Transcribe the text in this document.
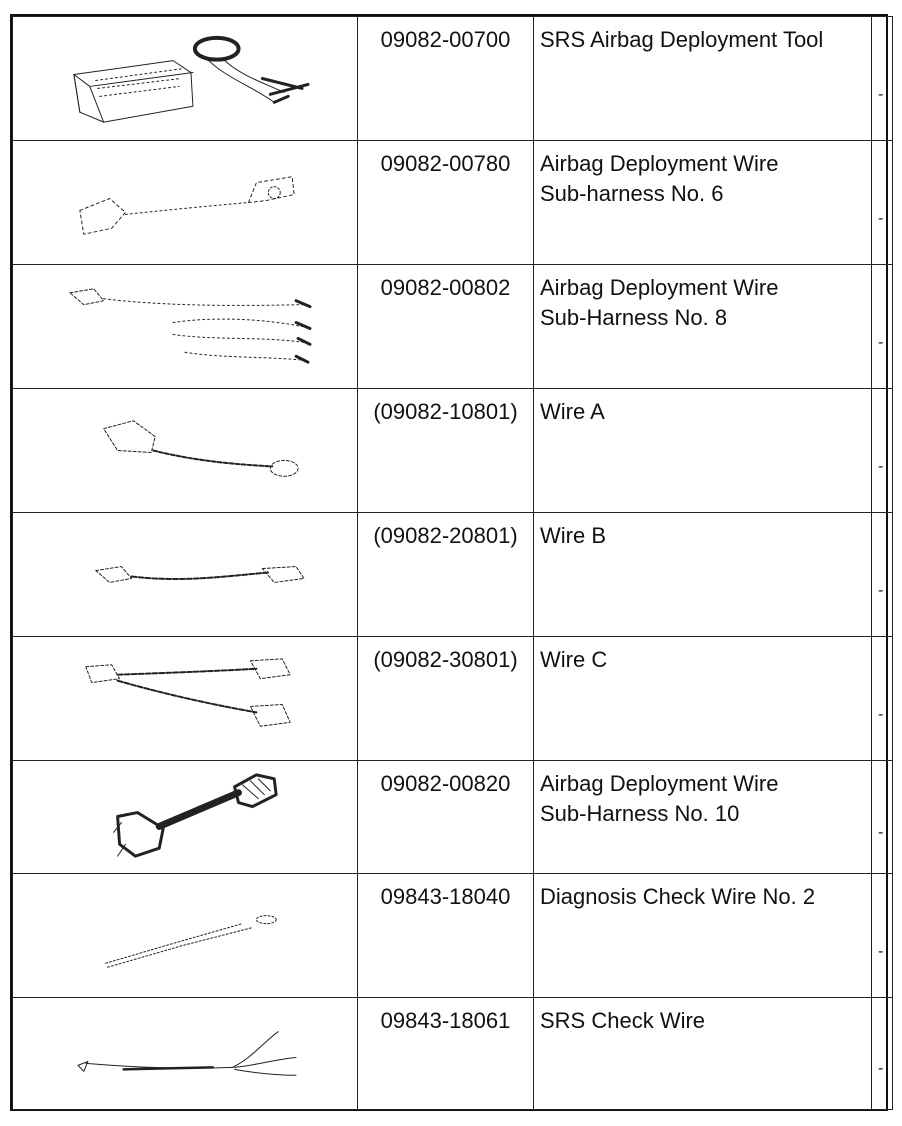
09082-00700	SRS Airbag Deployment Tool	-

09082-00780	Airbag Deployment Wire
Sub-harness No. 6	-

09082-00802	Airbag Deployment Wire
Sub-Harness No. 8	-

(09082-10801)	Wire A	-

(09082-20801)	Wire B	-

(09082-30801)	Wire C	-

09082-00820	Airbag Deployment Wire
Sub-Harness No. 10	-

09843-18040	Diagnosis Check Wire No. 2	-

09843-18061	SRS Check Wire	-
